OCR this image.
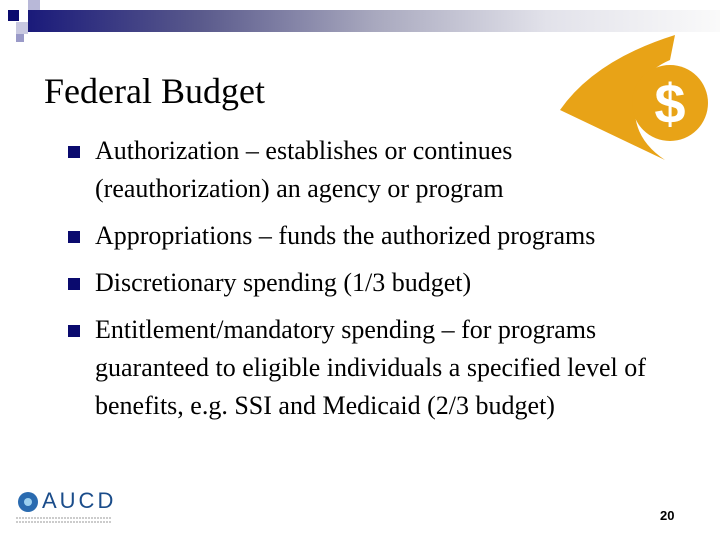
Federal Budget	$
Authorization – establishes or continues (reauthorization) an agency or program
Appropriations – funds the authorized programs
Discretionary spending (1/3 budget)
Entitlement/mandatory spending – for programs guaranteed to eligible individuals a specified level of benefits, e.g. SSI and Medicaid (2/3 budget)
AUCD
20
